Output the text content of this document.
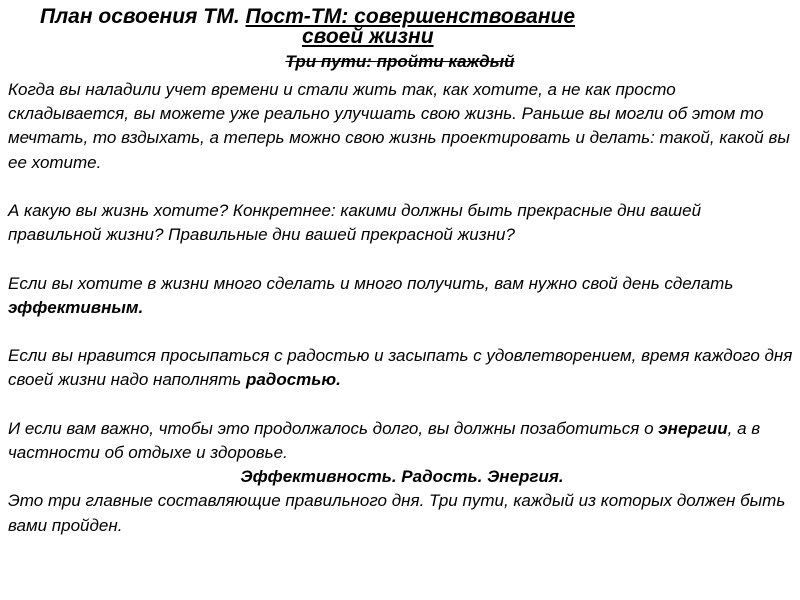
План освоения ТМ. Пост-ТМ: совершенствование
своей жизни
Три пути: пройти каждый

Когда вы наладили учет времени и стали жить так, как хотите, а не как просто складывается, вы можете уже реально улучшать свою жизнь. Раньше вы могли об этом то мечтать, то вздыхать, а теперь можно свою жизнь проектировать и делать: такой, какой вы ее хотите.

А какую вы жизнь хотите? Конкретнее: какими должны быть прекрасные дни вашей правильной жизни? Правильные дни вашей прекрасной жизни?

Если вы хотите в жизни много сделать и много получить, вам нужно свой день сделать эффективным.

Если вы нравится просыпаться с радостью и засыпать с удовлетворением, время каждого дня своей жизни надо наполнять радостью.

И если вам важно, чтобы это продолжалось долго, вы должны позаботиться о энергии, а в частности об отдыхе и здоровье.

Эффективность. Радость. Энергия.

Это три главные составляющие правильного дня. Три пути, каждый из которых должен быть вами пройден.
